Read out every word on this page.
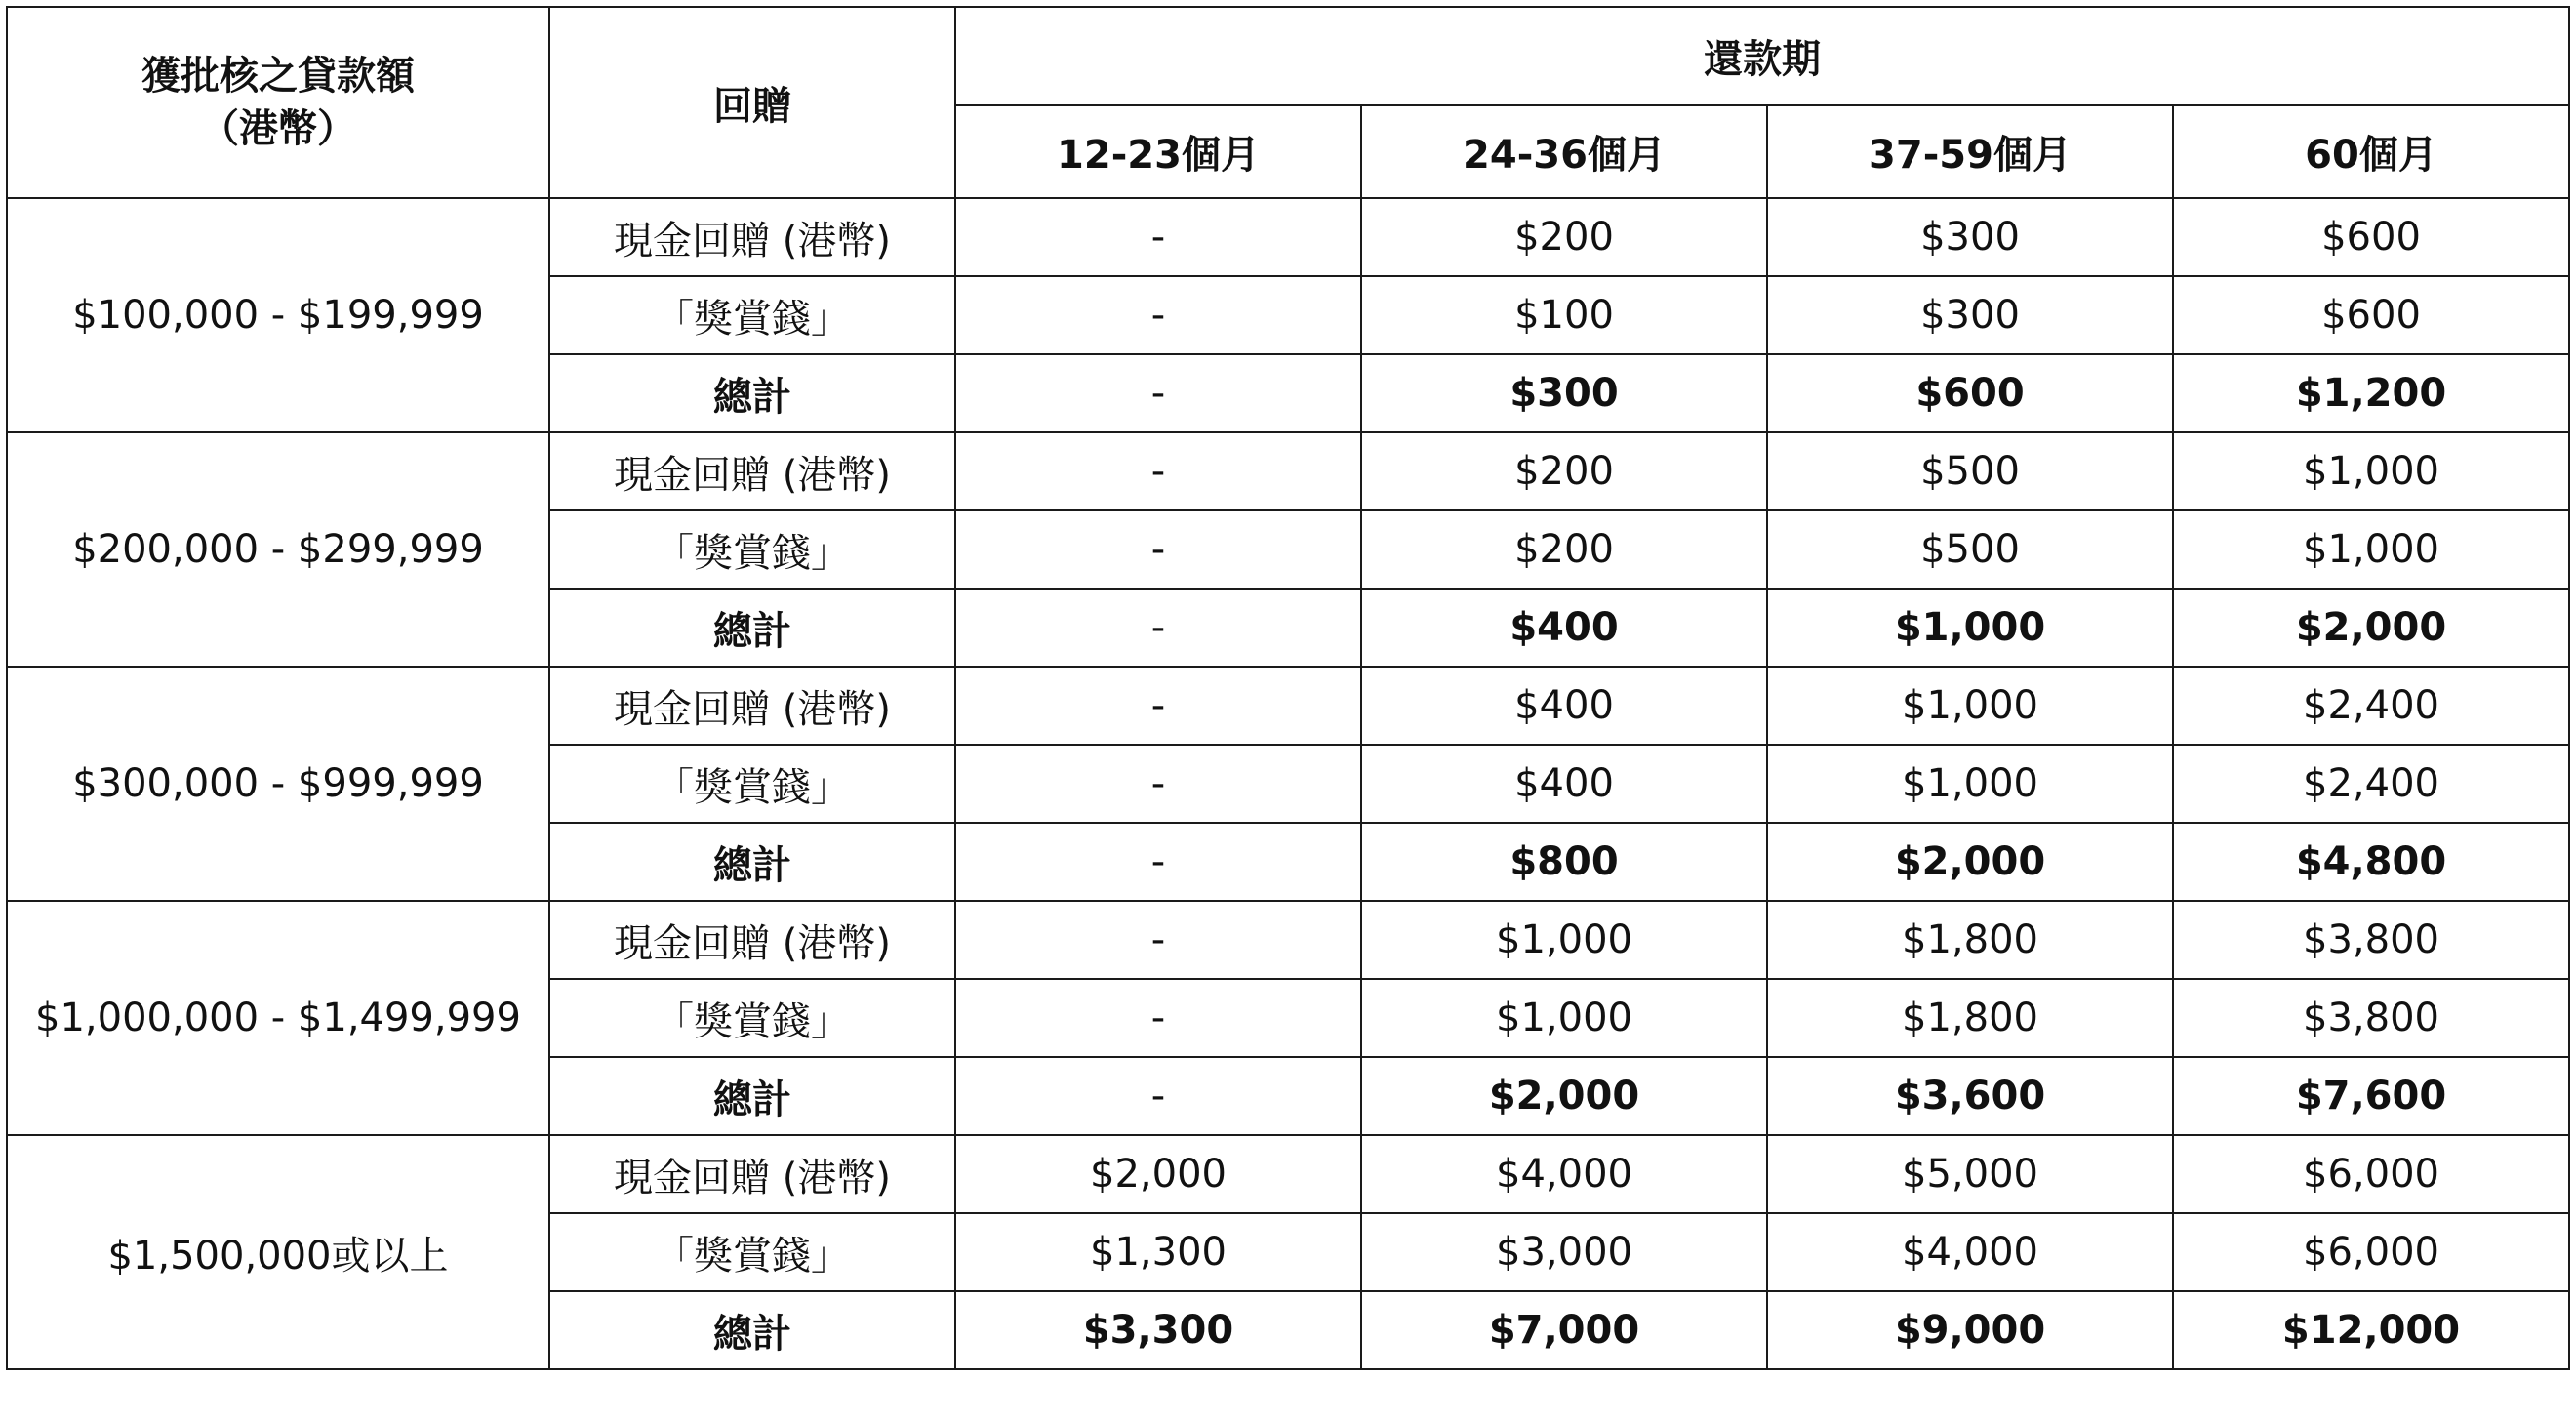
獲批核之貸款額
（港幣）	回贈	還款期			
		12-23個月	24-36個月	37-59個月	60個月
$100,000 - $199,999	現金回贈 (港幣)	-	$200	$300	$600
	「獎賞錢」	-	$100	$300	$600
	總計	-	$300	$600	$1,200
$200,000 - $299,999	現金回贈 (港幣)	-	$200	$500	$1,000
	「獎賞錢」	-	$200	$500	$1,000
	總計	-	$400	$1,000	$2,000
$300,000 - $999,999	現金回贈 (港幣)	-	$400	$1,000	$2,400
	「獎賞錢」	-	$400	$1,000	$2,400
	總計	-	$800	$2,000	$4,800
$1,000,000 - $1,499,999	現金回贈 (港幣)	-	$1,000	$1,800	$3,800
	「獎賞錢」	-	$1,000	$1,800	$3,800
	總計	-	$2,000	$3,600	$7,600
$1,500,000或以上	現金回贈 (港幣)	$2,000	$4,000	$5,000	$6,000
	「獎賞錢」	$1,300	$3,000	$4,000	$6,000
	總計	$3,300	$7,000	$9,000	$12,000
